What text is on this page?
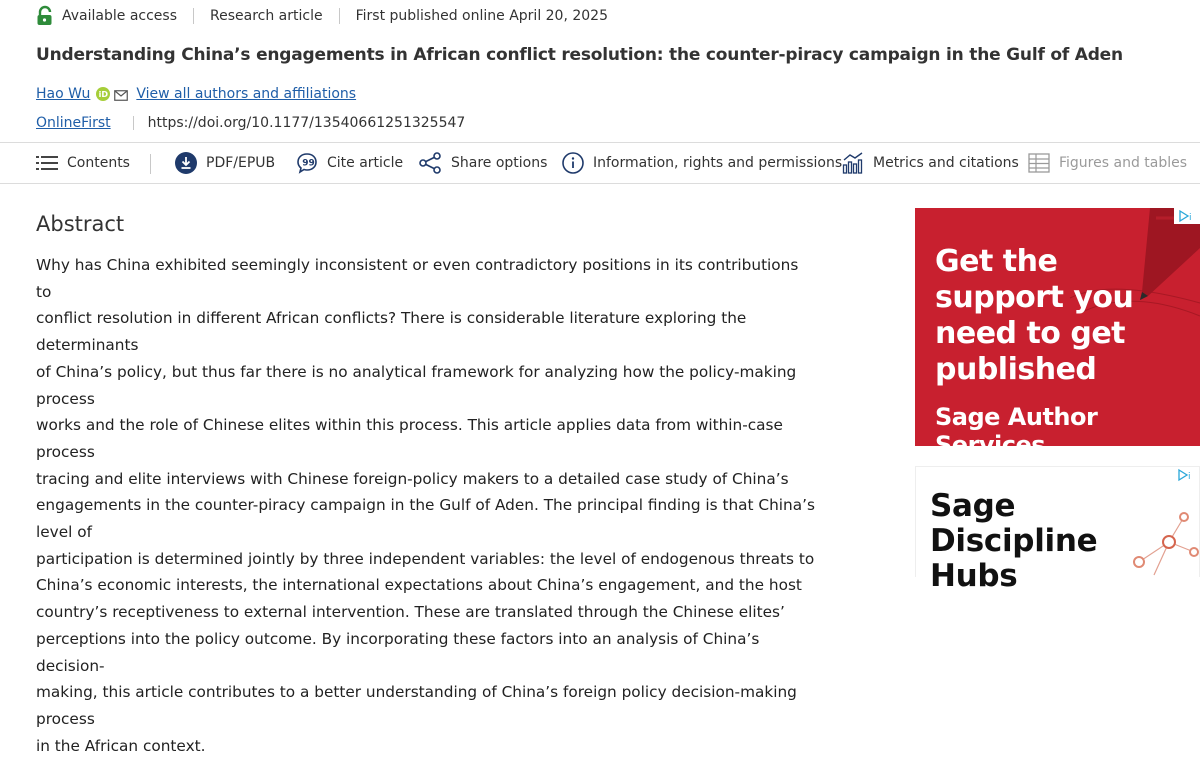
Available access Research article First published online April 20, 2025
Understanding China’s engagements in African conflict resolution: the counter-piracy campaign in the Gulf of Aden
Hao Wu iD View all authors and affiliations
OnlineFirst	https://doi.org/10.1177/13540661251325547
Contents	PDF/EPUB	99 Cite article	Share options	Information, rights and permissions Metrics and citations	Figures and tables
Abstract
Why has China exhibited seemingly inconsistent or even contradictory positions in its contributions to
conflict resolution in different African conflicts? There is considerable literature exploring the determinants
of China’s policy, but thus far there is no analytical framework for analyzing how the policy-making process
works and the role of Chinese elites within this process. This article applies data from within-case process
tracing and elite interviews with Chinese foreign-policy makers to a detailed case study of China’s
engagements in the counter-piracy campaign in the Gulf of Aden. The principal finding is that China’s level of
participation is determined jointly by three independent variables: the level of endogenous threats to
China’s economic interests, the international expectations about China’s engagement, and the host
country’s receptiveness to external intervention. These are translated through the Chinese elites’
perceptions into the policy outcome. By incorporating these factors into an analysis of China’s decision-
making, this article contributes to a better understanding of China’s foreign policy decision-making process
in the African context.
Get the
support you
need to get
published
Sage Author Services
i
Sage
Discipline
Hubs
i
